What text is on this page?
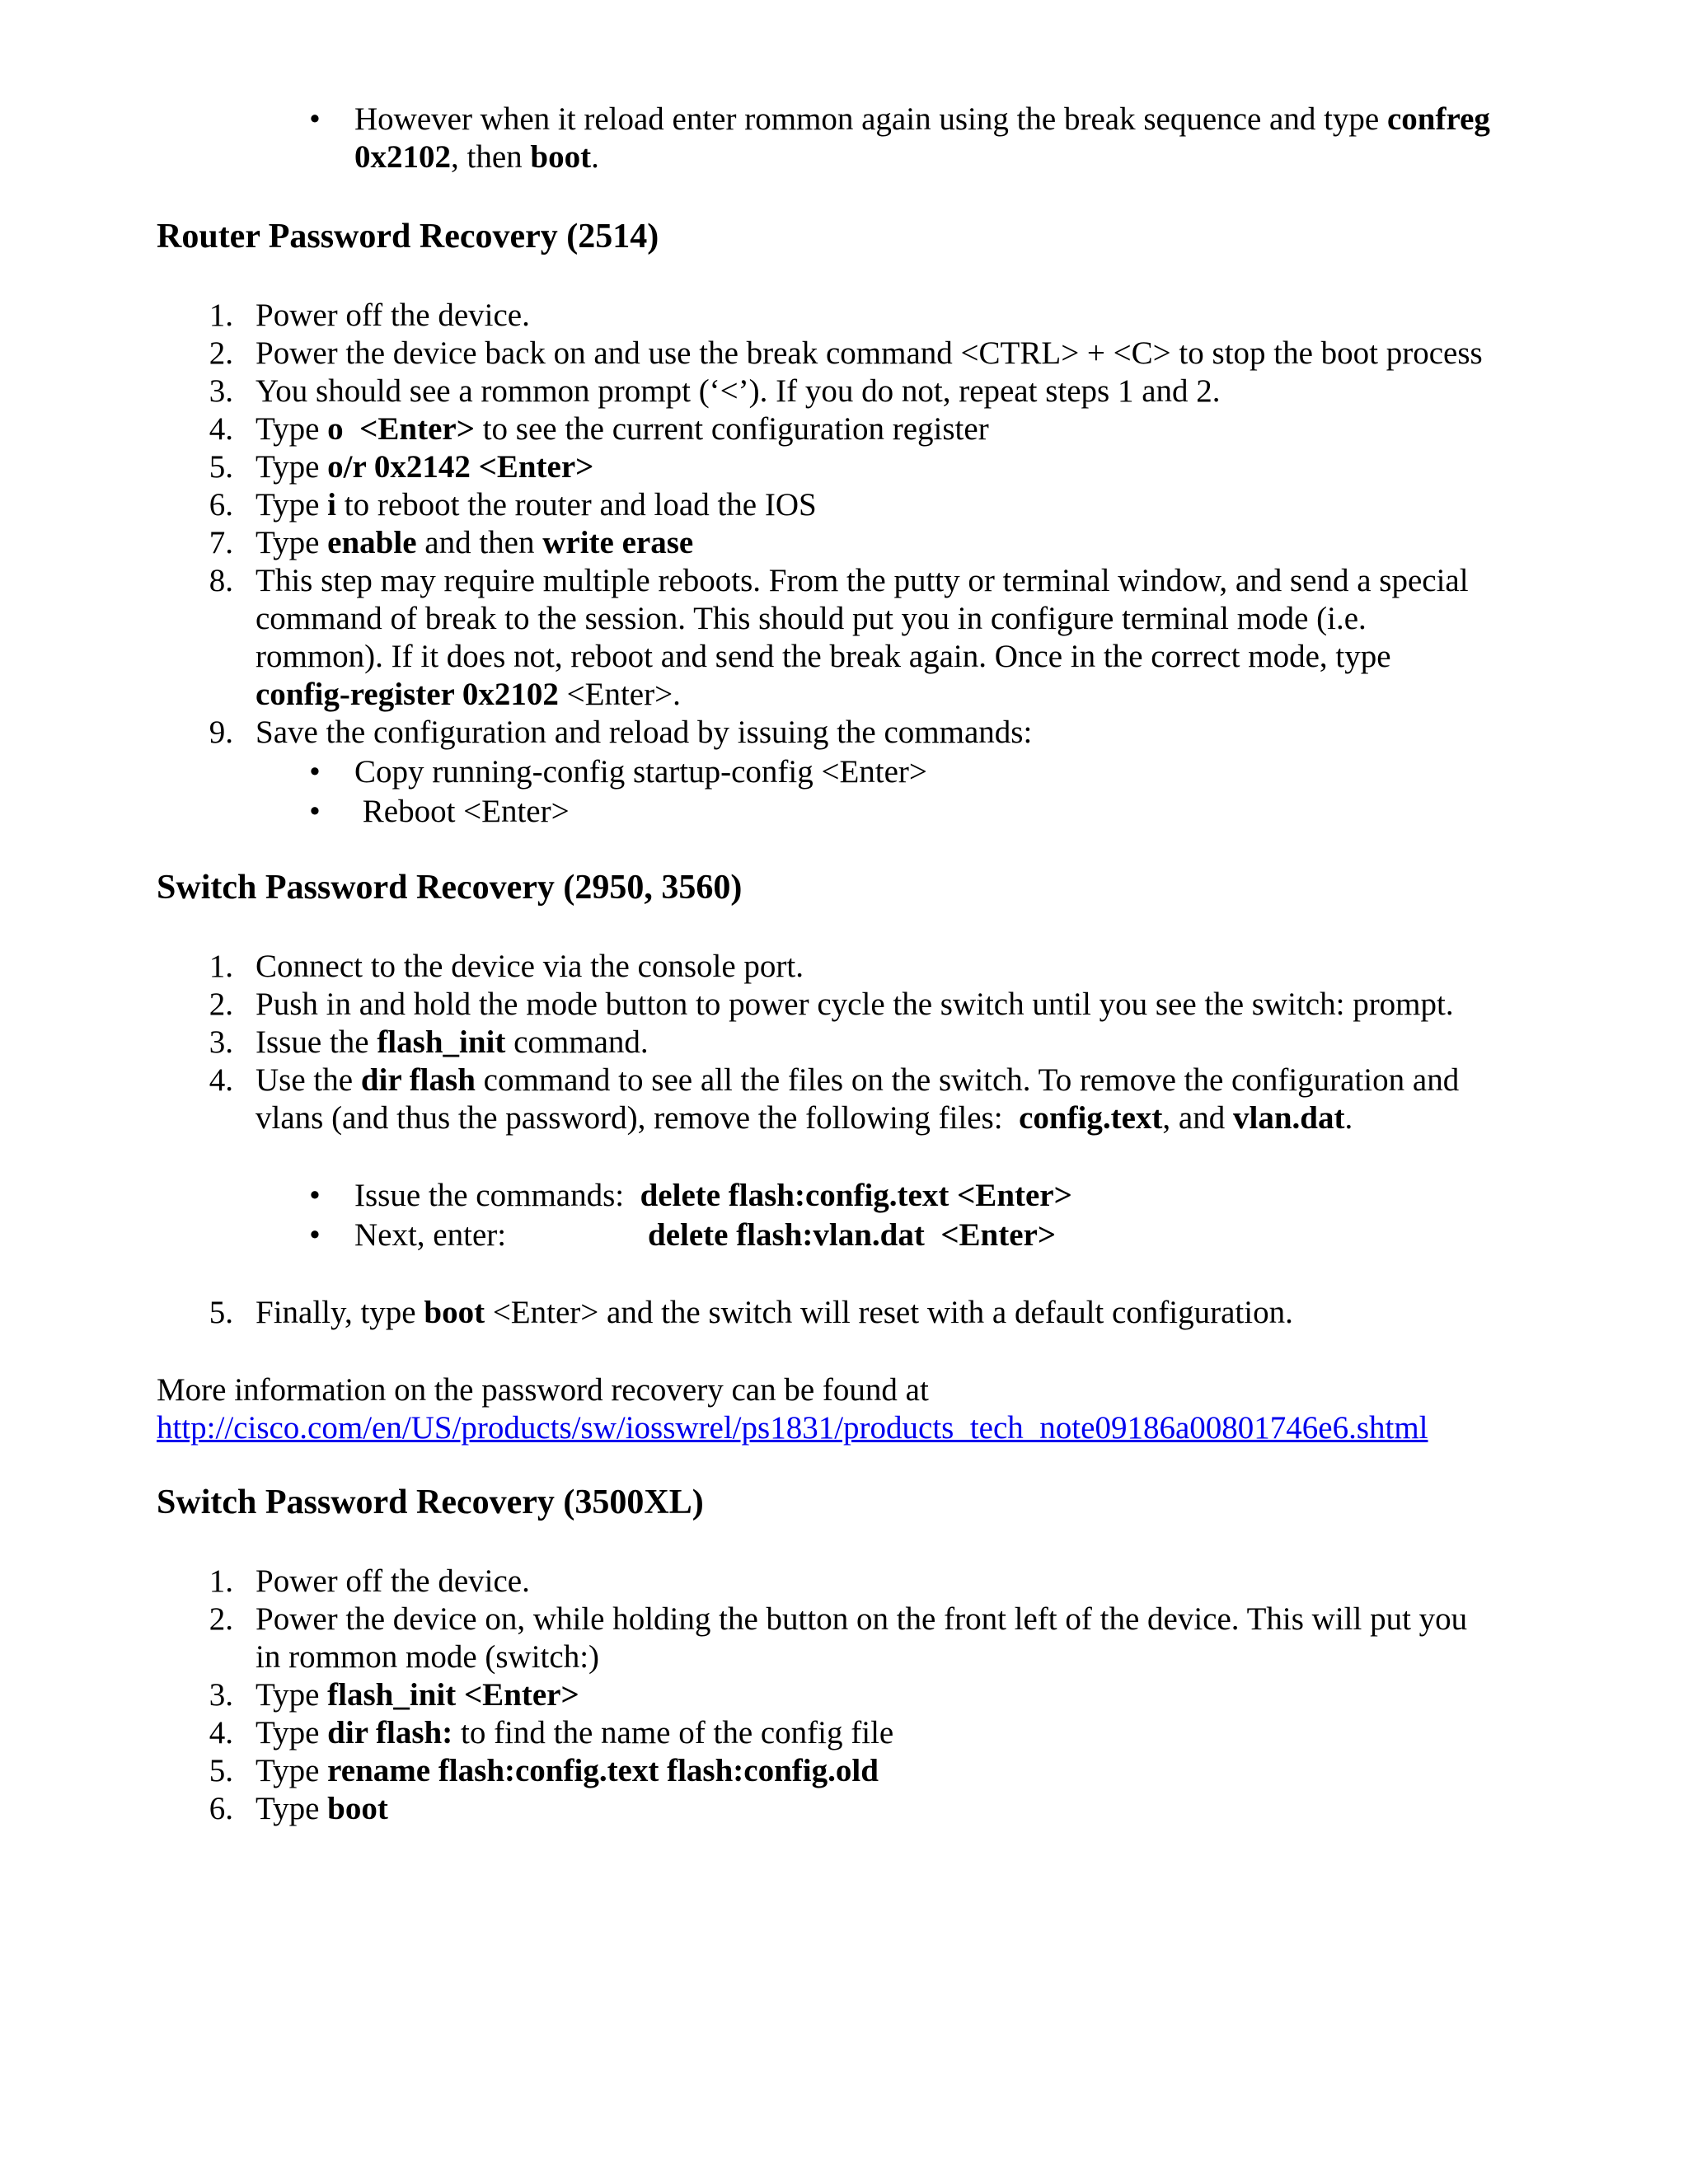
•	However when it reload enter rommon again using the break sequence and type confreg
0x2102, then boot.
Router Password Recovery (2514)
1. Power off the device.
2. Power the device back on and use the break command <CTRL> + <C> to stop the boot process
3. You should see a rommon prompt (‘<’). If you do not, repeat steps 1 and 2.
4. Type o  <Enter> to see the current configuration register
5. Type o/r 0x2142 <Enter>
6. Type i to reboot the router and load the IOS
7. Type enable and then write erase
8. This step may require multiple reboots. From the putty or terminal window, and send a special
command of break to the session. This should put you in configure terminal mode (i.e.
rommon). If it does not, reboot and send the break again. Once in the correct mode, type
config-register 0x2102 <Enter>.
9. Save the configuration and reload by issuing the commands:
•	Copy running-config startup-config <Enter>
•	Reboot <Enter>
Switch Password Recovery (2950, 3560)
1. Connect to the device via the console port.
2. Push in and hold the mode button to power cycle the switch until you see the switch: prompt.
3. Issue the flash_init command.
4. Use the dir flash command to see all the files on the switch. To remove the configuration and
vlans (and thus the password), remove the following files:  config.text, and vlan.dat.
•	Issue the commands:  delete flash:config.text <Enter>
•	Next, enter:	delete flash:vlan.dat  <Enter>
5. Finally, type boot <Enter> and the switch will reset with a default configuration.
More information on the password recovery can be found at
http://cisco.com/en/US/products/sw/iosswrel/ps1831/products_tech_note09186a00801746e6.shtml
Switch Password Recovery (3500XL)
1. Power off the device.
2. Power the device on, while holding the button on the front left of the device. This will put you
in rommon mode (switch:)
3. Type flash_init <Enter>
4. Type dir flash: to find the name of the config file
5. Type rename flash:config.text flash:config.old
6. Type boot
